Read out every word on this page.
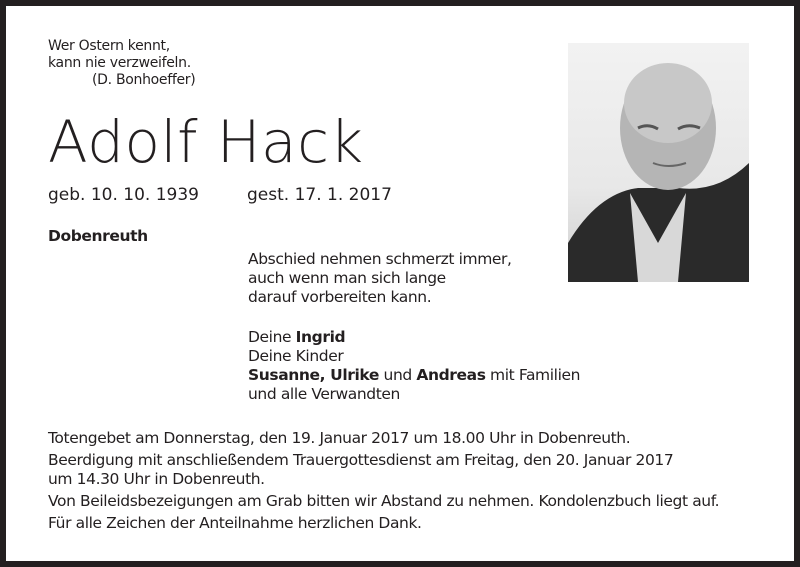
Wer Ostern kennt,
kann nie verzweifeln.
(D. Bonhoeffer)
Adolf Hack
geb. 10. 10. 1939	gest. 17. 1. 2017
Dobenreuth
Abschied nehmen schmerzt immer,
auch wenn man sich lange
darauf vorbereiten kann.
Deine Ingrid
Deine Kinder
Susanne, Ulrike und Andreas mit Familien
und alle Verwandten
Totengebet am Donnerstag, den 19. Januar 2017 um 18.00 Uhr in Dobenreuth.
Beerdigung mit anschließendem Trauergottesdienst am Freitag, den 20. Januar 2017
um 14.30 Uhr in Dobenreuth.
Von Beileidsbezeigungen am Grab bitten wir Abstand zu nehmen. Kondolenzbuch liegt auf.
Für alle Zeichen der Anteilnahme herzlichen Dank.
